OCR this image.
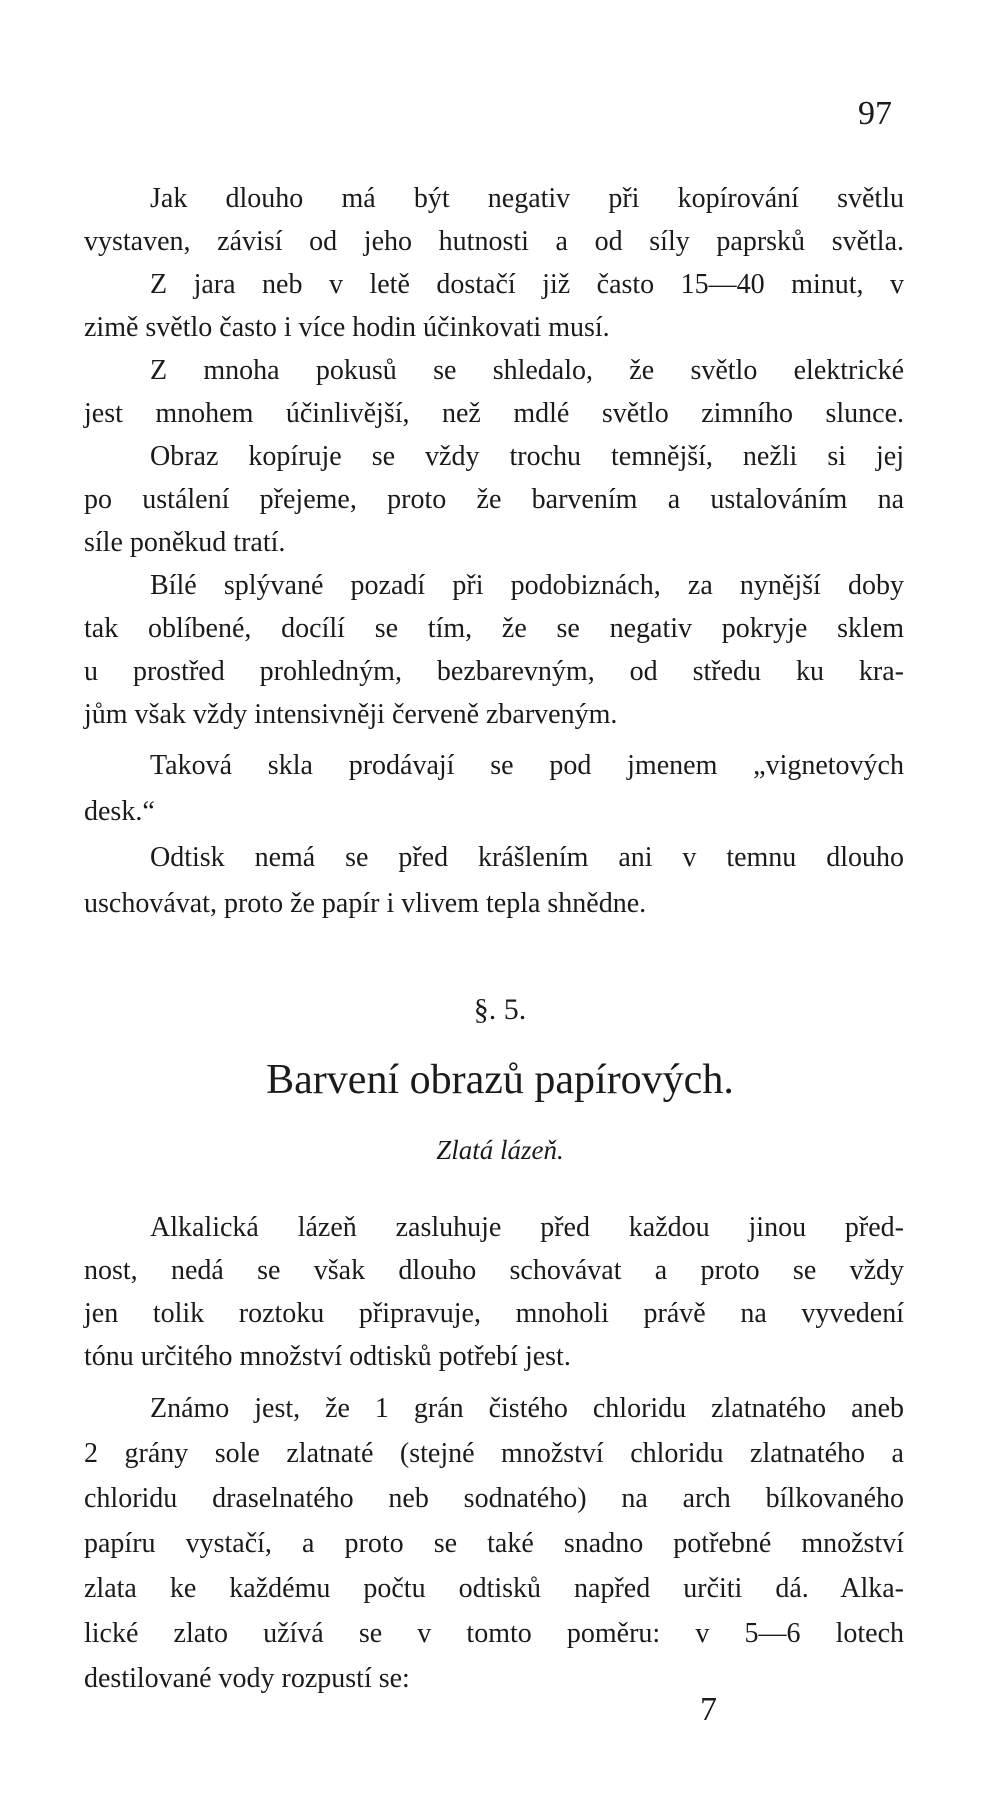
97
Jak dlouho má být negativ při kopírování světlu
vystaven, závisí od jeho hutnosti a od síly paprsků světla.
Z jara neb v letě dostačí již často 15—40 minut, v
zimě světlo často i více hodin účinkovati musí.
Z mnoha pokusů se shledalo, že světlo elektrické
jest mnohem účinlivější, než mdlé světlo zimního slunce.
Obraz kopíruje se vždy trochu temnější, nežli si jej
po ustálení přejeme, proto že barvením a ustalováním na
síle poněkud tratí.
Bílé splývané pozadí při podobiznách, za nynější doby
tak oblíbené, docílí se tím, že se negativ pokryje sklem
u prostřed prohledným, bezbarevným, od středu ku kra-
jům však vždy intensivněji červeně zbarveným.
Taková skla prodávají se pod jmenem „vignetových
desk.“
Odtisk nemá se před krášlením ani v temnu dlouho
uschovávat, proto že papír i vlivem tepla shnědne.
§. 5.
Barvení obrazů papírových.
Zlatá lázeň.
Alkalická lázeň zasluhuje před každou jinou před-
nost, nedá se však dlouho schovávat a proto se vždy
jen tolik roztoku připravuje, mnoholi právě na vyvedení
tónu určitého množství odtisků potřebí jest.
Známo jest, že 1 grán čistého chloridu zlatnatého aneb
2 grány sole zlatnaté (stejné množství chloridu zlatnatého a
chloridu draselnatého neb sodnatého) na arch bílkovaného
papíru vystačí, a proto se také snadno potřebné množství
zlata ke každému počtu odtisků napřed určiti dá. Alka-
lické zlato užívá se v tomto poměru: v 5—6 lotech
destilované vody rozpustí se:
7
